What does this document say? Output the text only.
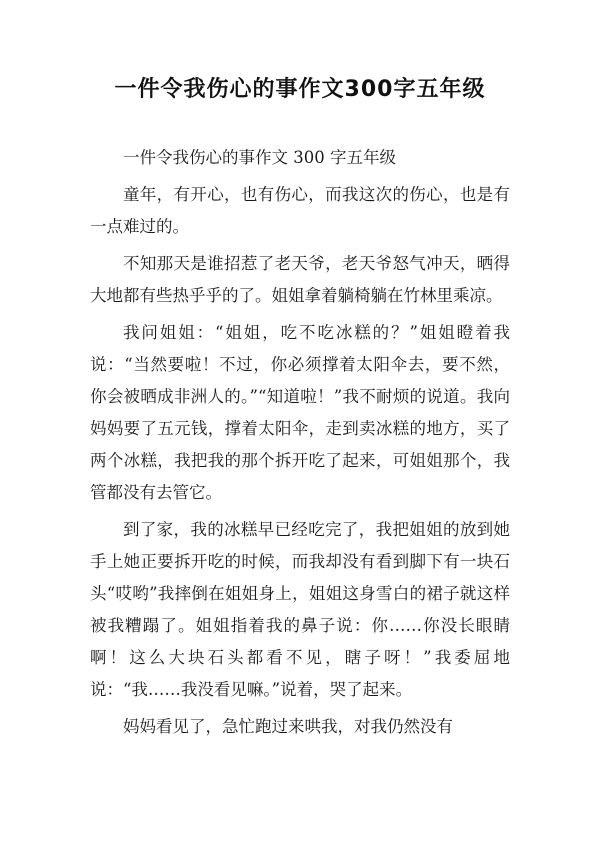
一件令我伤心的事作文300字五年级

一件令我伤心的事作文 300 字五年级

童年，有开心，也有伤心，而我这次的伤心，也是有一点难过的。

不知那天是谁招惹了老天爷，老天爷怒气冲天，晒得大地都有些热乎乎的了。姐姐拿着躺椅躺在竹林里乘凉。

我问姐姐：“姐姐，吃不吃冰糕的？”姐姐瞪着我说：“当然要啦！不过，你必须撑着太阳伞去，要不然，你会被晒成非洲人的。”“知道啦！”我不耐烦的说道。我向妈妈要了五元钱，撑着太阳伞，走到卖冰糕的地方，买了两个冰糕，我把我的那个拆开吃了起来，可姐姐那个，我管都没有去管它。

到了家，我的冰糕早已经吃完了，我把姐姐的放到她手上她正要拆开吃的时候，而我却没有看到脚下有一块石头“哎哟”我摔倒在姐姐身上，姐姐这身雪白的裙子就这样被我糟蹋了。姐姐指着我的鼻子说：你……你没长眼睛啊！这么大块石头都看不见，瞎子呀！”我委屈地说：“我……我没看见嘛。”说着，哭了起来。

妈妈看见了，急忙跑过来哄我，对我仍然没有
